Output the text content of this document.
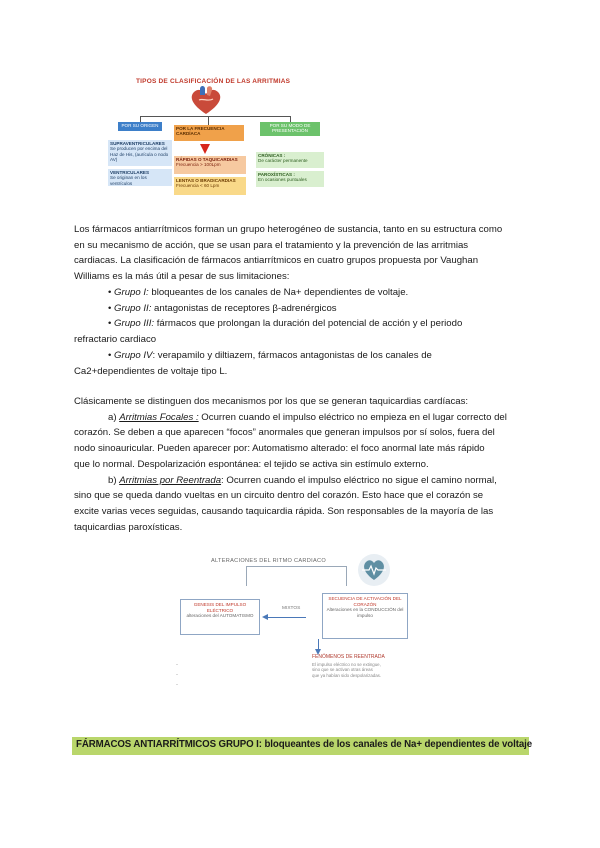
TIPOS DE CLASIFICACIÓN DE LAS ARRITMIAS
POR SU ORIGEN
SUPRAVENTRICULARES
Se producen por encima del Haz de His, (aurícula o nodo AV)
VENTRICULARES
Se originan en los ventrículos
POR LA FRECUENCIA CARDÍACA
RÁPIDAS O TAQUICARDIAS
Frecuencia > 100Lpm
LENTAS O BRADICARDIAS
Frecuencia < 60 Lpm
POR SU MODO DE PRESENTACIÓN
CRÓNICAS :
De carácter permanente
PAROXÍSTICAS :
En ocasiones puntuales
Los fármacos antiarrítmicos forman un grupo heterogéneo de sustancia, tanto en su estructura como
en su mecanismo de acción, que se usan para el tratamiento y la prevención de las arritmias
cardiacas. La clasificación de fármacos antiarrítmicos en cuatro grupos propuesta por Vaughan
Williams es la más útil a pesar de sus limitaciones:
• Grupo I: bloqueantes de los canales de Na+ dependientes de voltaje.
• Grupo II: antagonistas de receptores β-adrenérgicos
• Grupo III: fármacos que prolongan la duración del potencial de acción y el periodo
refractario cardiaco
• Grupo IV: verapamilo y diltiazem, fármacos antagonistas de los canales de
Ca2+dependientes de voltaje tipo L.
Clásicamente se distinguen dos mecanismos por los que se generan taquicardias cardíacas:
a) Arritmias Focales : Ocurren cuando el impulso eléctrico no empieza en el lugar correcto del
corazón. Se deben a que aparecen “focos” anormales que generan impulsos por sí solos, fuera del
nodo sinoauricular. Pueden aparecer por: Automatismo alterado: el foco anormal late más rápido
que lo normal. Despolarización espontánea: el tejido se activa sin estímulo externo.
b) Arritmias por Reentrada: Ocurren cuando el impulso eléctrico no sigue el camino normal,
sino que se queda dando vueltas en un circuito dentro del corazón. Esto hace que el corazón se
excite varias veces seguidas, causando taquicardia rápida. Son responsables de la mayoría de las
taquicardias paroxísticas.
ALTERACIONES DEL RITMO CARDIACO
GENESIS DEL IMPULSO ELÉCTRICO
alteraciones del AUTOMATISMO
MIXTOS
SECUENCIA DE ACTIVACIÓN DEL CORAZÓN
Alteraciones en la CONDUCCIÓN del impulso
FENÓMENOS DE REENTRADA
El impulso eléctrico no se extingue,
sino que se activan otras áreas
que ya habían sido despolarizadas.
·
·
·
FÁRMACOS ANTIARRÍTMICOS GRUPO I: bloqueantes de los canales de Na+ dependientes de voltaje
